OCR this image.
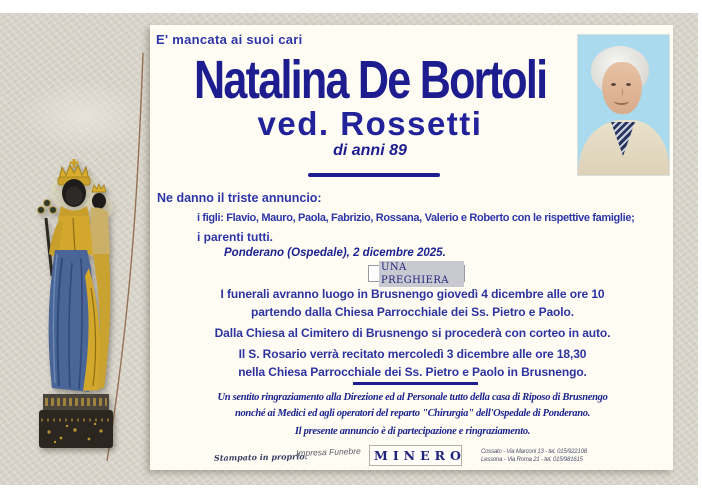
E' mancata ai suoi cari
Natalina De Bortoli
ved. Rossetti
di anni 89
Ne danno il triste annuncio:
i figli: Flavio, Mauro, Paola, Fabrizio, Rossana, Valerio e Roberto con le rispettive famiglie;
i parenti tutti.
Ponderano (Ospedale), 2 dicembre 2025.
UNA PREGHIERA
I funerali avranno luogo in Brusnengo giovedì 4 dicembre alle ore 10
partendo dalla Chiesa Parrocchiale dei Ss. Pietro e Paolo.
Dalla Chiesa al Cimitero di Brusnengo si procederà con corteo in auto.
Il S. Rosario verrà recitato mercoledì 3 dicembre alle ore 18,30
nella Chiesa Parrocchiale dei Ss. Pietro e Paolo in Brusnengo.
Un sentito ringraziamento alla Direzione ed al Personale tutto della casa di Riposo di Brusnengo
nonché ai Medici ed agli operatori del reparto "Chirurgia" dell'Ospedale di Ponderano.
Il presente annuncio è di partecipazione e ringraziamento.
Stampato in proprio.
Impresa Funebre	MINERO Cossato - Via Marconi 13 - tel. 015/922108
Lessona - Via Roma 21 - tel. 015/981615
